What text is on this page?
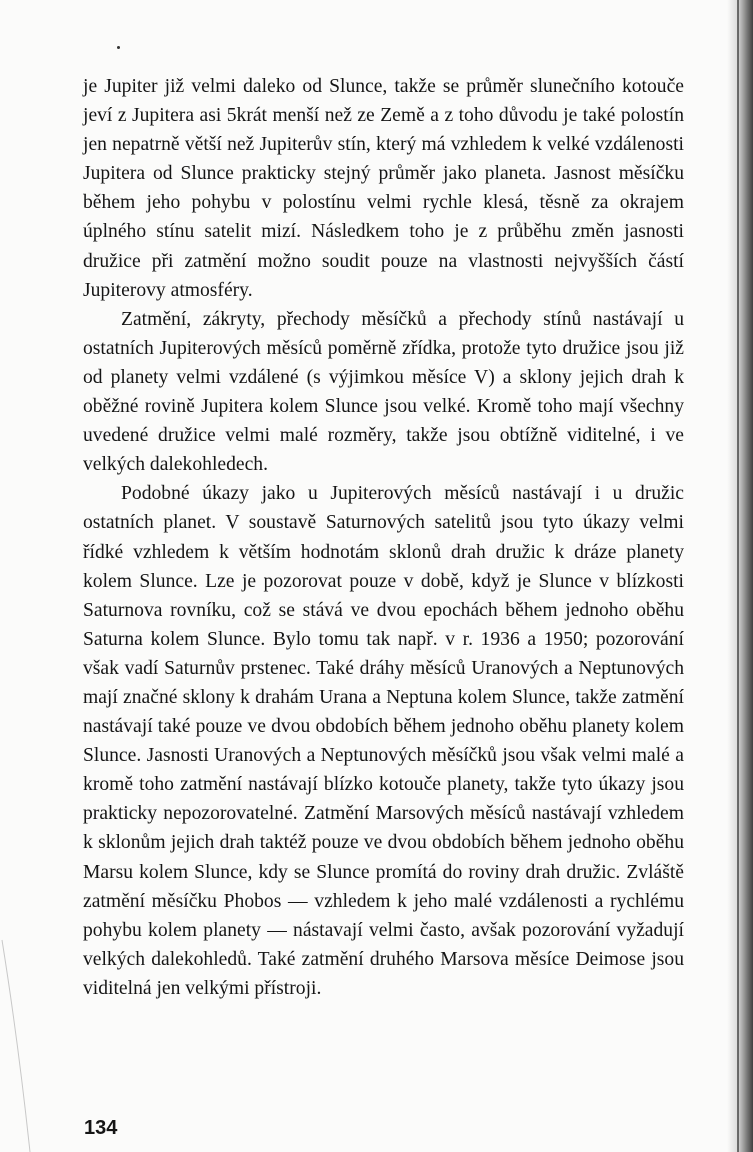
je Jupiter již velmi daleko od Slunce, takže se průměr slunečního kotouče jeví z Jupitera asi 5krát menší než ze Země a z toho důvodu je také polostín jen nepatrně větší než Jupiterův stín, který má vzhledem k velké vzdálenosti Jupitera od Slunce prakticky stejný průměr jako planeta. Jasnost měsíčku během jeho pohybu v polostínu velmi rychle klesá, těsně za okrajem úplného stínu satelit mizí. Následkem toho je z průběhu změn jasnosti družice při zatmění možno soudit pouze na vlastnosti nejvyšších částí Jupiterovy atmosféry.

Zatmění, zákryty, přechody měsíčků a přechody stínů nastávají u ostatních Jupiterových měsíců poměrně zřídka, protože tyto družice jsou již od planety velmi vzdálené (s výjimkou měsíce V) a sklony jejich drah k oběžné rovině Jupitera kolem Slunce jsou velké. Kromě toho mají všechny uvedené družice velmi malé rozměry, takže jsou obtížně viditelné, i ve velkých dalekohledech.

Podobné úkazy jako u Jupiterových měsíců nastávají i u družic ostatních planet. V soustavě Saturnových satelitů jsou tyto úkazy velmi řídké vzhledem k větším hodnotám sklonů drah družic k dráze planety kolem Slunce. Lze je pozorovat pouze v době, když je Slunce v blízkosti Saturnova rovníku, což se stává ve dvou epochách během jednoho oběhu Saturna kolem Slunce. Bylo tomu tak např. v r. 1936 a 1950; pozorování však vadí Saturnův prstenec. Také dráhy měsíců Uranových a Neptunových mají značné sklony k drahám Urana a Neptuna kolem Slunce, takže zatmění nastávají také pouze ve dvou obdobích během jednoho oběhu planety kolem Slunce. Jasnosti Uranových a Neptunových měsíčků jsou však velmi malé a kromě toho zatmění nastávají blízko kotouče planety, takže tyto úkazy jsou prakticky nepozorovatelné. Zatmění Marsových měsíců nastávají vzhledem k sklonům jejich drah taktéž pouze ve dvou obdobích během jednoho oběhu Marsu kolem Slunce, kdy se Slunce promítá do roviny drah družic. Zvláště zatmění měsíčku Phobos — vzhledem k jeho malé vzdálenosti a rychlému pohybu kolem planety — nástavají velmi často, avšak pozorování vyžadují velkých dalekohledů. Také zatmění druhého Marsova měsíce Deimose jsou viditelná jen velkými přístroji.

134
